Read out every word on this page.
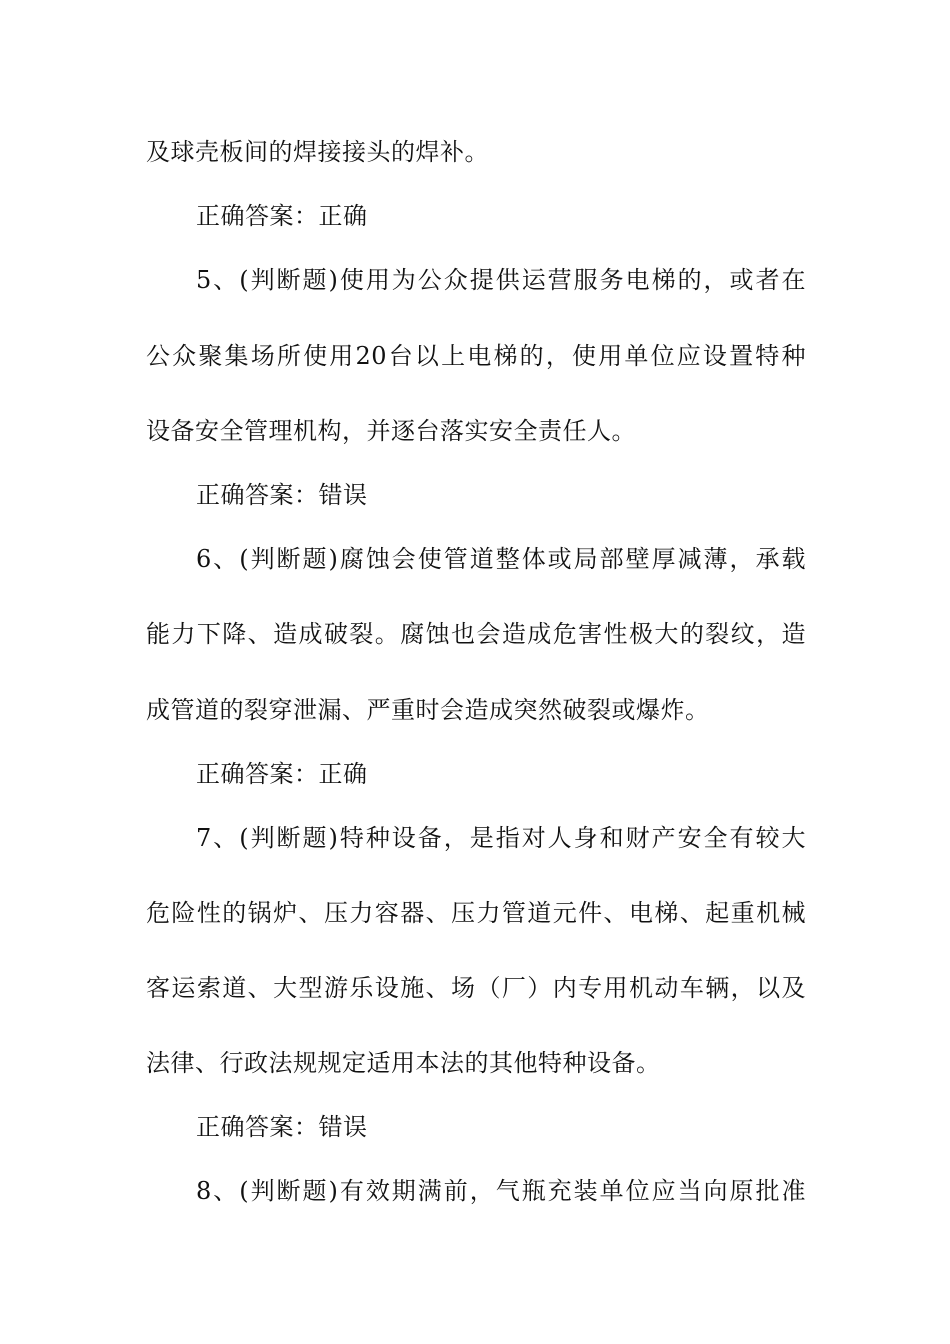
及球壳板间的焊接接头的焊补。
正确答案：正确
5、(判断题)使用为公众提供运营服务电梯的，或者在
公众聚集场所使用20台以上电梯的，使用单位应设置特种
设备安全管理机构，并逐台落实安全责任人。
正确答案：错误
6、(判断题)腐蚀会使管道整体或局部壁厚减薄，承载
能力下降、造成破裂。腐蚀也会造成危害性极大的裂纹，造
成管道的裂穿泄漏、严重时会造成突然破裂或爆炸。
正确答案：正确
7、(判断题)特种设备，是指对人身和财产安全有较大
危险性的锅炉、压力容器、压力管道元件、电梯、起重机械
客运索道、大型游乐设施、场（厂）内专用机动车辆，以及
法律、行政法规规定适用本法的其他特种设备。
正确答案：错误
8、(判断题)有效期满前，气瓶充装单位应当向原批准
